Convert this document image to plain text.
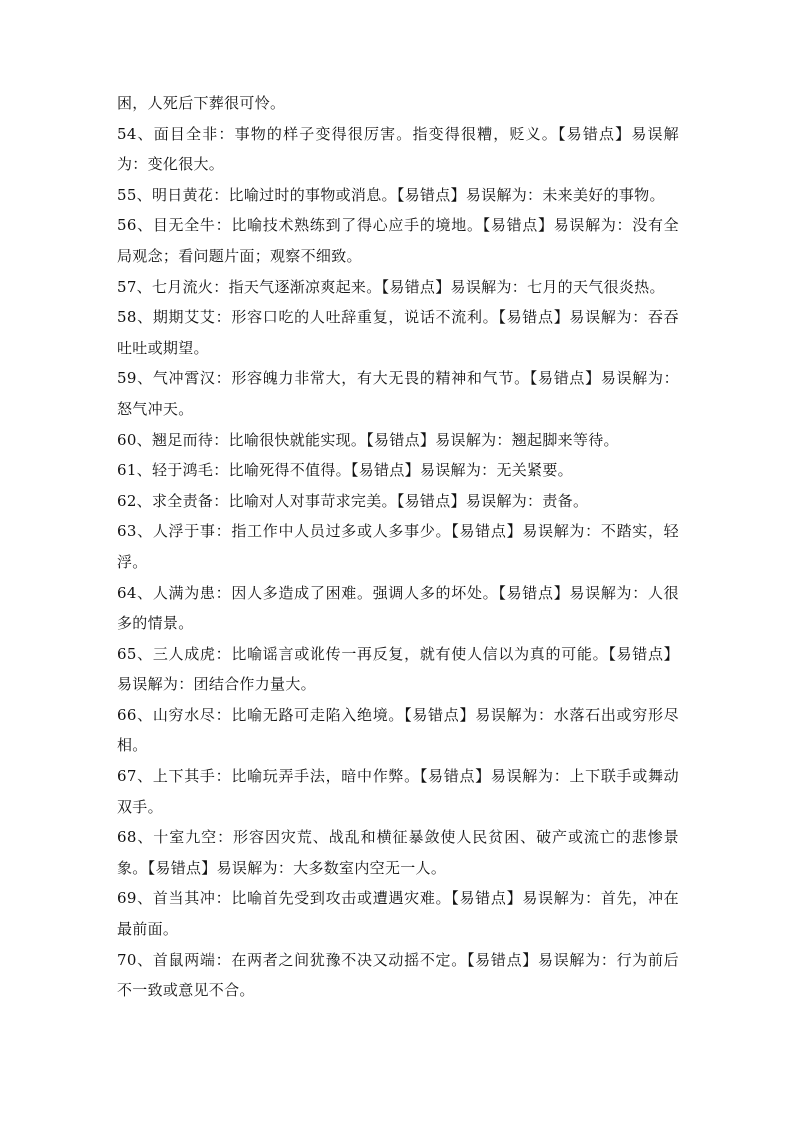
困，人死后下葬很可怜。

54、面目全非：事物的样子变得很厉害。指变得很糟，贬义。【易错点】易误解为：变化很大。

55、明日黄花：比喻过时的事物或消息。【易错点】易误解为：未来美好的事物。

56、目无全牛：比喻技术熟练到了得心应手的境地。【易错点】易误解为：没有全局观念；看问题片面；观察不细致。

57、七月流火：指天气逐渐凉爽起来。【易错点】易误解为：七月的天气很炎热。

58、期期艾艾：形容口吃的人吐辞重复，说话不流利。【易错点】易误解为：吞吞吐吐或期望。

59、气冲霄汉：形容魄力非常大，有大无畏的精神和气节。【易错点】易误解为：怒气冲天。

60、翘足而待：比喻很快就能实现。【易错点】易误解为：翘起脚来等待。

61、轻于鸿毛：比喻死得不值得。【易错点】易误解为：无关紧要。

62、求全责备：比喻对人对事苛求完美。【易错点】易误解为：责备。

63、人浮于事：指工作中人员过多或人多事少。【易错点】易误解为：不踏实，轻浮。

64、人满为患：因人多造成了困难。强调人多的坏处。【易错点】易误解为：人很多的情景。

65、三人成虎：比喻谣言或讹传一再反复，就有使人信以为真的可能。【易错点】易误解为：团结合作力量大。

66、山穷水尽：比喻无路可走陷入绝境。【易错点】易误解为：水落石出或穷形尽相。

67、上下其手：比喻玩弄手法，暗中作弊。【易错点】易误解为：上下联手或舞动双手。

68、十室九空：形容因灾荒、战乱和横征暴敛使人民贫困、破产或流亡的悲惨景象。【易错点】易误解为：大多数室内空无一人。

69、首当其冲：比喻首先受到攻击或遭遇灾难。【易错点】易误解为：首先，冲在最前面。

70、首鼠两端：在两者之间犹豫不决又动摇不定。【易错点】易误解为：行为前后不一致或意见不合。
